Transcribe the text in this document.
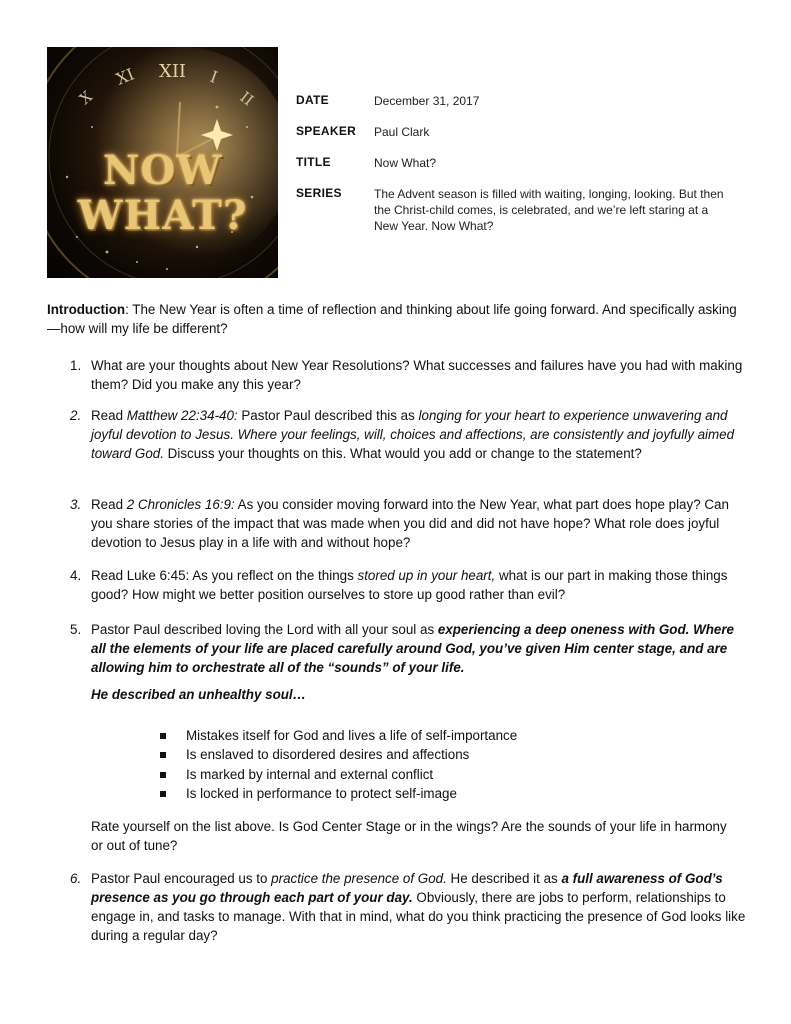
X
XI XII I
II
NOW
WHAT?
DATE	December 31, 2017
SPEAKER Paul Clark
TITLE	Now What?
SERIES	The Advent season is filled with waiting, longing, looking. But then the Christ-child comes, is celebrated, and we’re left staring at a New Year. Now What?
Introduction: The New Year is often a time of reflection and thinking about life going forward. And specifically asking—how will my life be different?
1. What are your thoughts about New Year Resolutions? What successes and failures have you had with making them? Did you make any this year?
2. Read Matthew 22:34-40: Pastor Paul described this as longing for your heart to experience unwavering and joyful devotion to Jesus. Where your feelings, will, choices and affections, are consistently and joyfully aimed toward God. Discuss your thoughts on this. What would you add or change to the statement?
3. Read 2 Chronicles 16:9: As you consider moving forward into the New Year, what part does hope play? Can you share stories of the impact that was made when you did and did not have hope? What role does joyful devotion to Jesus play in a life with and without hope?
4. Read Luke 6:45: As you reflect on the things stored up in your heart, what is our part in making those things good? How might we better position ourselves to store up good rather than evil?
5. Pastor Paul described loving the Lord with all your soul as experiencing a deep oneness with God. Where all the elements of your life are placed carefully around God, you’ve given Him center stage, and are allowing him to orchestrate all of the “sounds” of your life.
He described an unhealthy soul…
Mistakes itself for God and lives a life of self-importance
Is enslaved to disordered desires and affections
Is marked by internal and external conflict
Is locked in performance to protect self-image
Rate yourself on the list above. Is God Center Stage or in the wings? Are the sounds of your life in harmony or out of tune?
6. Pastor Paul encouraged us to practice the presence of God. He described it as a full awareness of God’s presence as you go through each part of your day. Obviously, there are jobs to perform, relationships to engage in, and tasks to manage. With that in mind, what do you think practicing the presence of God looks like during a regular day?
